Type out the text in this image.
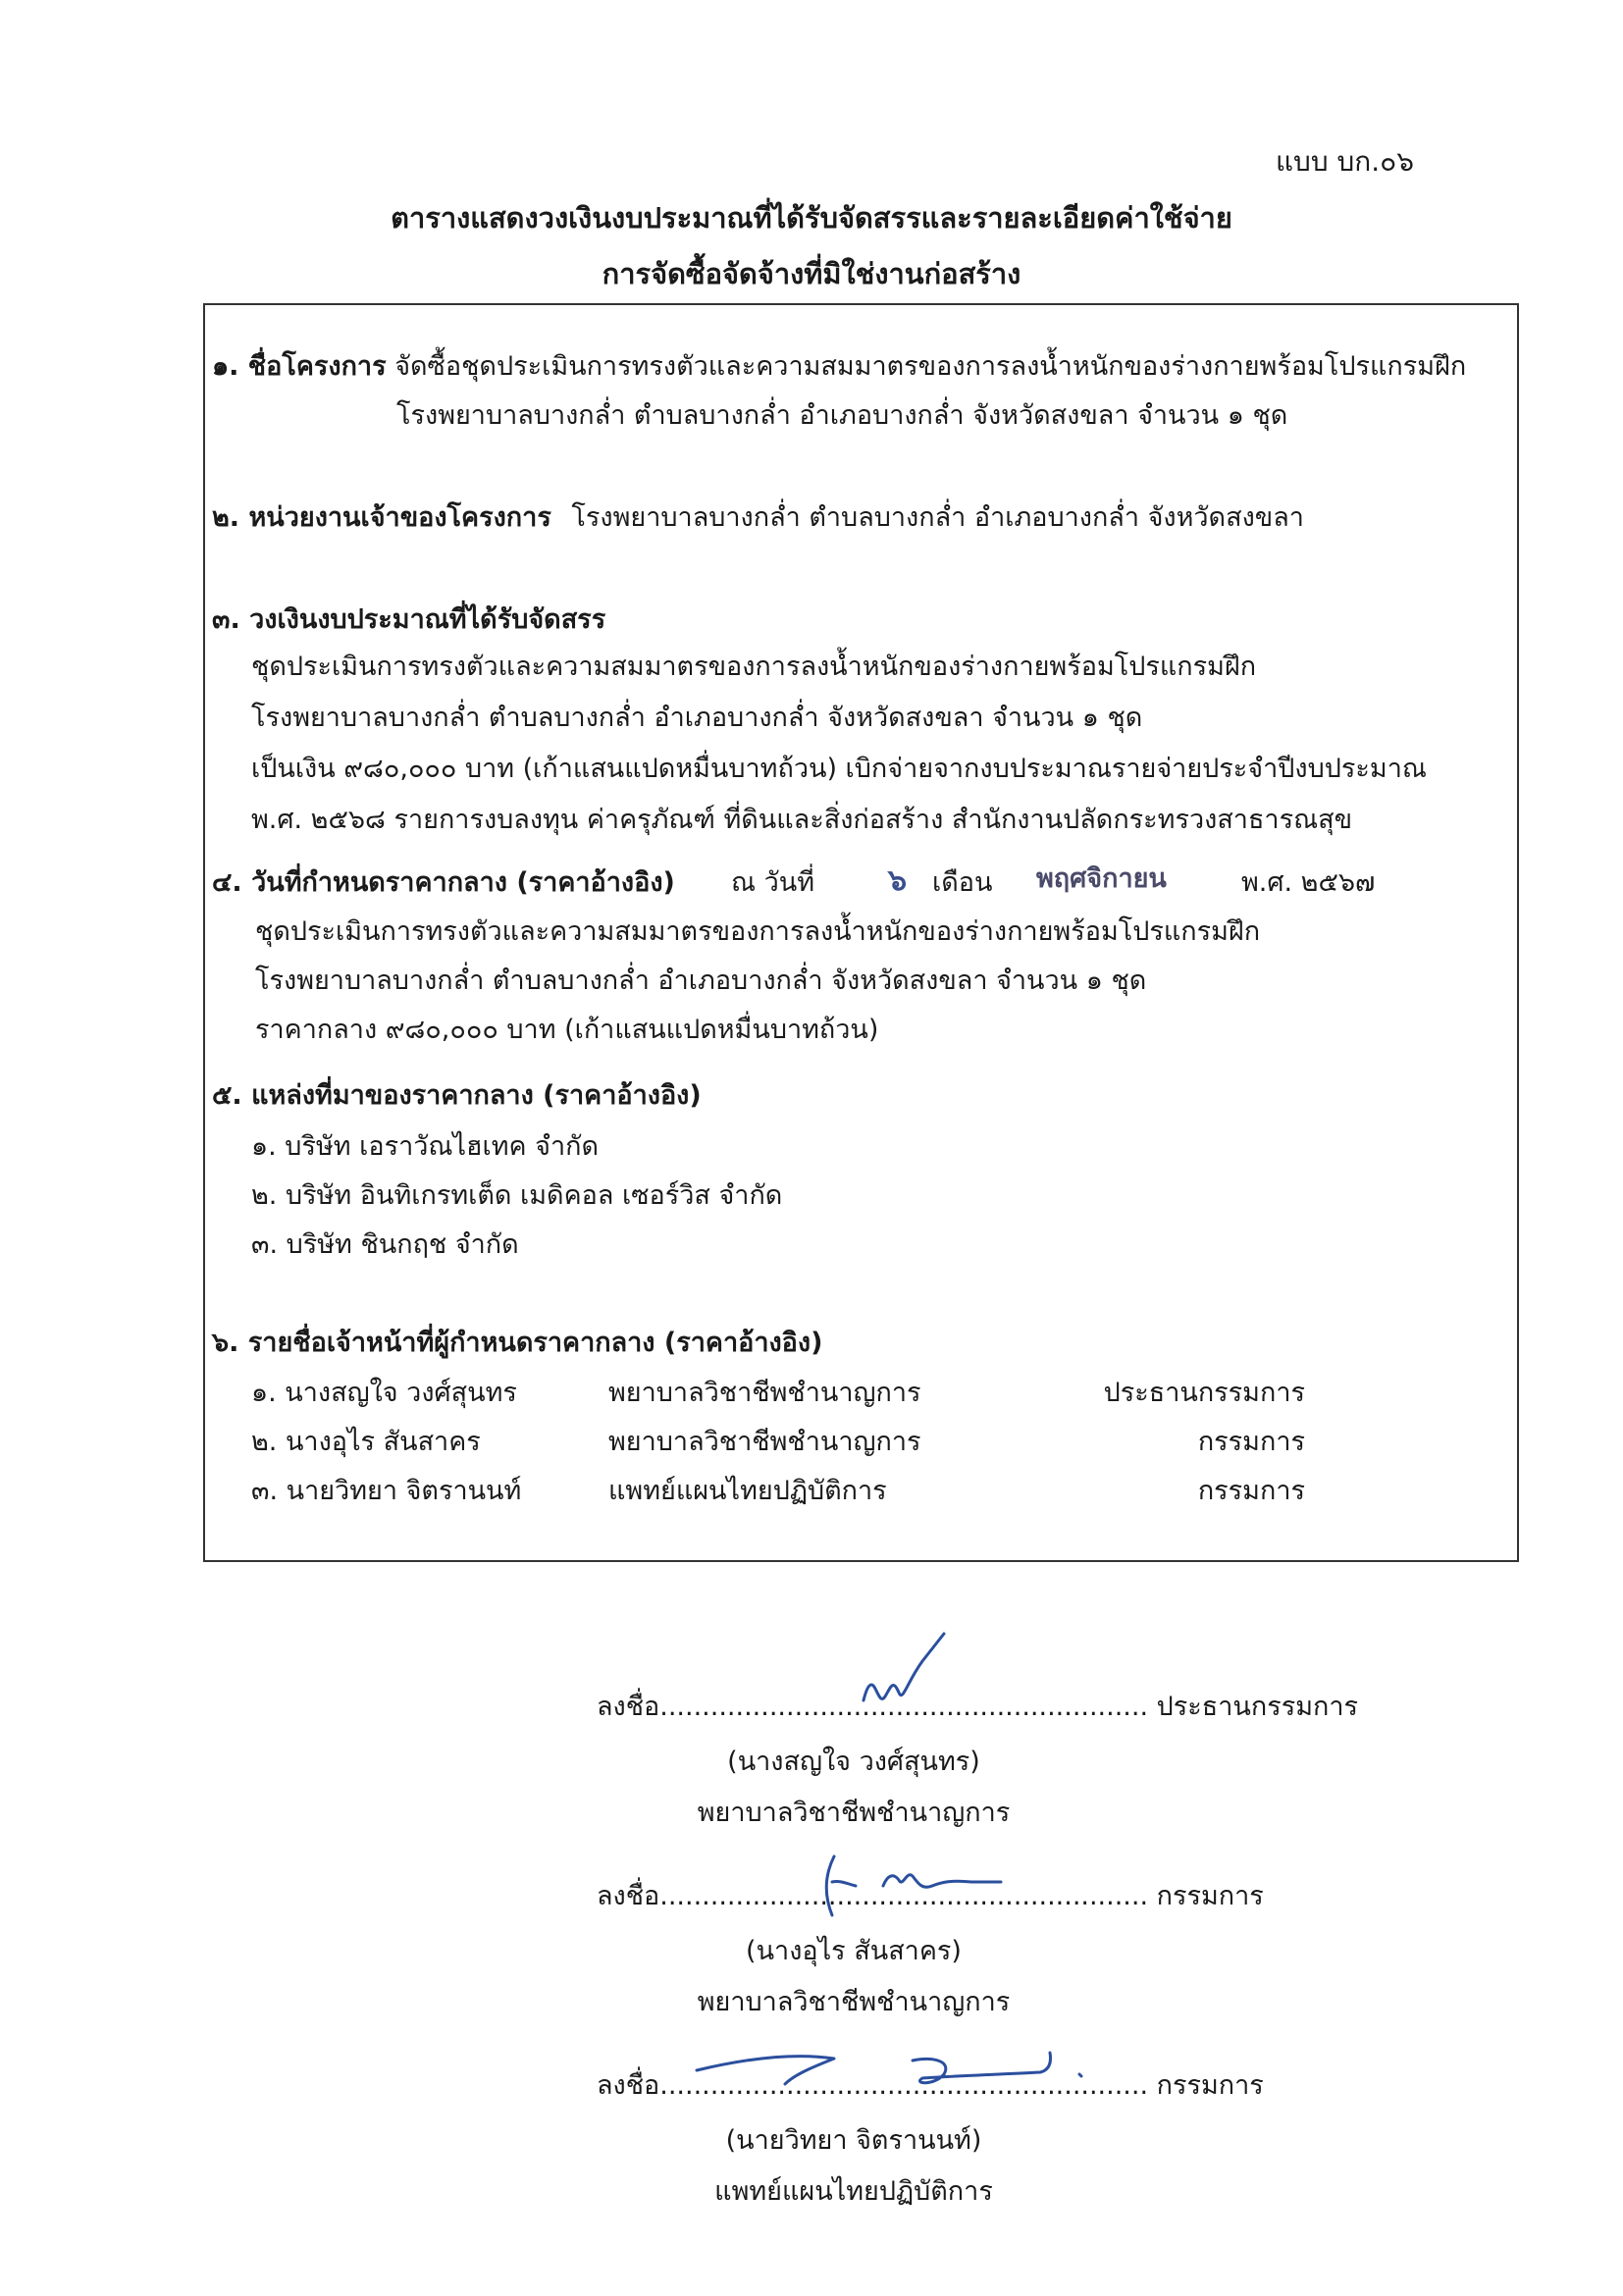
แบบ บก.๐๖
ตารางแสดงวงเงินงบประมาณที่ได้รับจัดสรรและรายละเอียดค่าใช้จ่าย
การจัดซื้อจัดจ้างที่มิใช่งานก่อสร้าง
๑. ชื่อโครงการ จัดซื้อชุดประเมินการทรงตัวและความสมมาตรของการลงน้ำหนักของร่างกายพร้อมโปรแกรมฝึก
โรงพยาบาลบางกล่ำ ตำบลบางกล่ำ อำเภอบางกล่ำ จังหวัดสงขลา จำนวน ๑ ชุด
๒. หน่วยงานเจ้าของโครงการ โรงพยาบาลบางกล่ำ ตำบลบางกล่ำ อำเภอบางกล่ำ จังหวัดสงขลา
๓. วงเงินงบประมาณที่ได้รับจัดสรร
ชุดประเมินการทรงตัวและความสมมาตรของการลงน้ำหนักของร่างกายพร้อมโปรแกรมฝึก
โรงพยาบาลบางกล่ำ ตำบลบางกล่ำ อำเภอบางกล่ำ จังหวัดสงขลา จำนวน ๑ ชุด
เป็นเงิน ๙๘๐,๐๐๐ บาท (เก้าแสนแปดหมื่นบาทถ้วน) เบิกจ่ายจากงบประมาณรายจ่ายประจำปีงบประมาณ
พ.ศ. ๒๕๖๘ รายการงบลงทุน ค่าครุภัณฑ์ ที่ดินและสิ่งก่อสร้าง สำนักงานปลัดกระทรวงสาธารณสุข
๔. วันที่กำหนดราคากลาง (ราคาอ้างอิง) ณ วันที่ ๖ เดือน พฤศจิกายน	พ.ศ. ๒๕๖๗
ชุดประเมินการทรงตัวและความสมมาตรของการลงน้ำหนักของร่างกายพร้อมโปรแกรมฝึก
โรงพยาบาลบางกล่ำ ตำบลบางกล่ำ อำเภอบางกล่ำ จังหวัดสงขลา จำนวน ๑ ชุด
ราคากลาง ๙๘๐,๐๐๐ บาท (เก้าแสนแปดหมื่นบาทถ้วน)
๕. แหล่งที่มาของราคากลาง (ราคาอ้างอิง)
๑. บริษัท เอราวัณไฮเทค จำกัด
๒. บริษัท อินทิเกรทเต็ด เมดิคอล เซอร์วิส จำกัด
๓. บริษัท ชินกฤช จำกัด
๖. รายชื่อเจ้าหน้าที่ผู้กำหนดราคากลาง (ราคาอ้างอิง)
๑. นางสญใจ วงศ์สุนทร	พยาบาลวิชาชีพชำนาญการ	ประธานกรรมการ
๒. นางอุไร สันสาคร	พยาบาลวิชาชีพชำนาญการ	กรรมการ
๓. นายวิทยา จิตรานนท์	แพทย์แผนไทยปฏิบัติการ	กรรมการ
ลงชื่อ.......................................................... ประธานกรรมการ
(นางสญใจ วงศ์สุนทร)
พยาบาลวิชาชีพชำนาญการ
ลงชื่อ.......................................................... กรรมการ
(นางอุไร สันสาคร)
พยาบาลวิชาชีพชำนาญการ
ลงชื่อ.......................................................... กรรมการ
(นายวิทยา จิตรานนท์)
แพทย์แผนไทยปฏิบัติการ
